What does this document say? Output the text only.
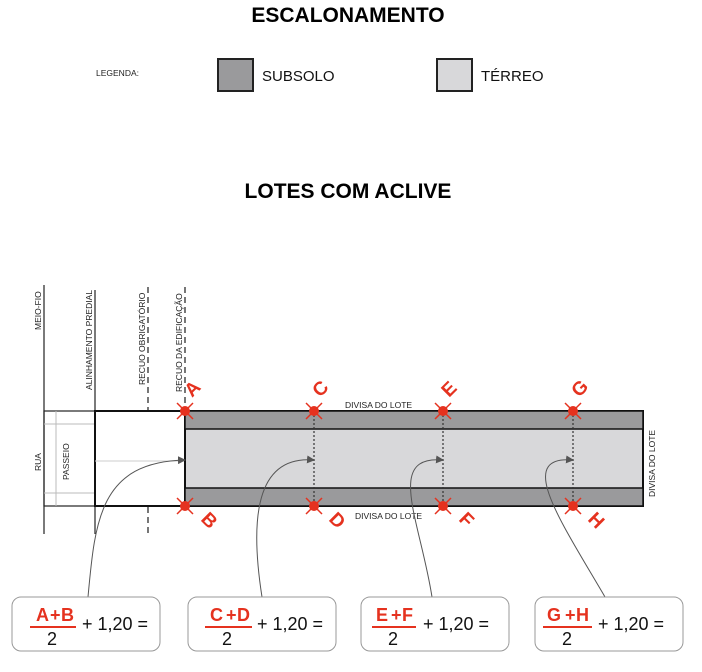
ESCALONAMENTO
LEGENDA:	SUBSOLO	TÉRREO
LOTES COM ACLIVE
MEIO-FIO	ALINHAMENTO PREDIAL	RECUO OBRIGATÓRIO	RECUO DA EDIFICAÇÃO
RUA PASSEIO	DIVISA DO LOTE
DIVISA DO LOTE
DIVISA DO LOTE
A	C	E	G
B	D	F	H
A + B
2
+ 1,20 =	C + D
2
+ 1,20 =	E + F
2
+ 1,20 =	G + H
2
+ 1,20 =
